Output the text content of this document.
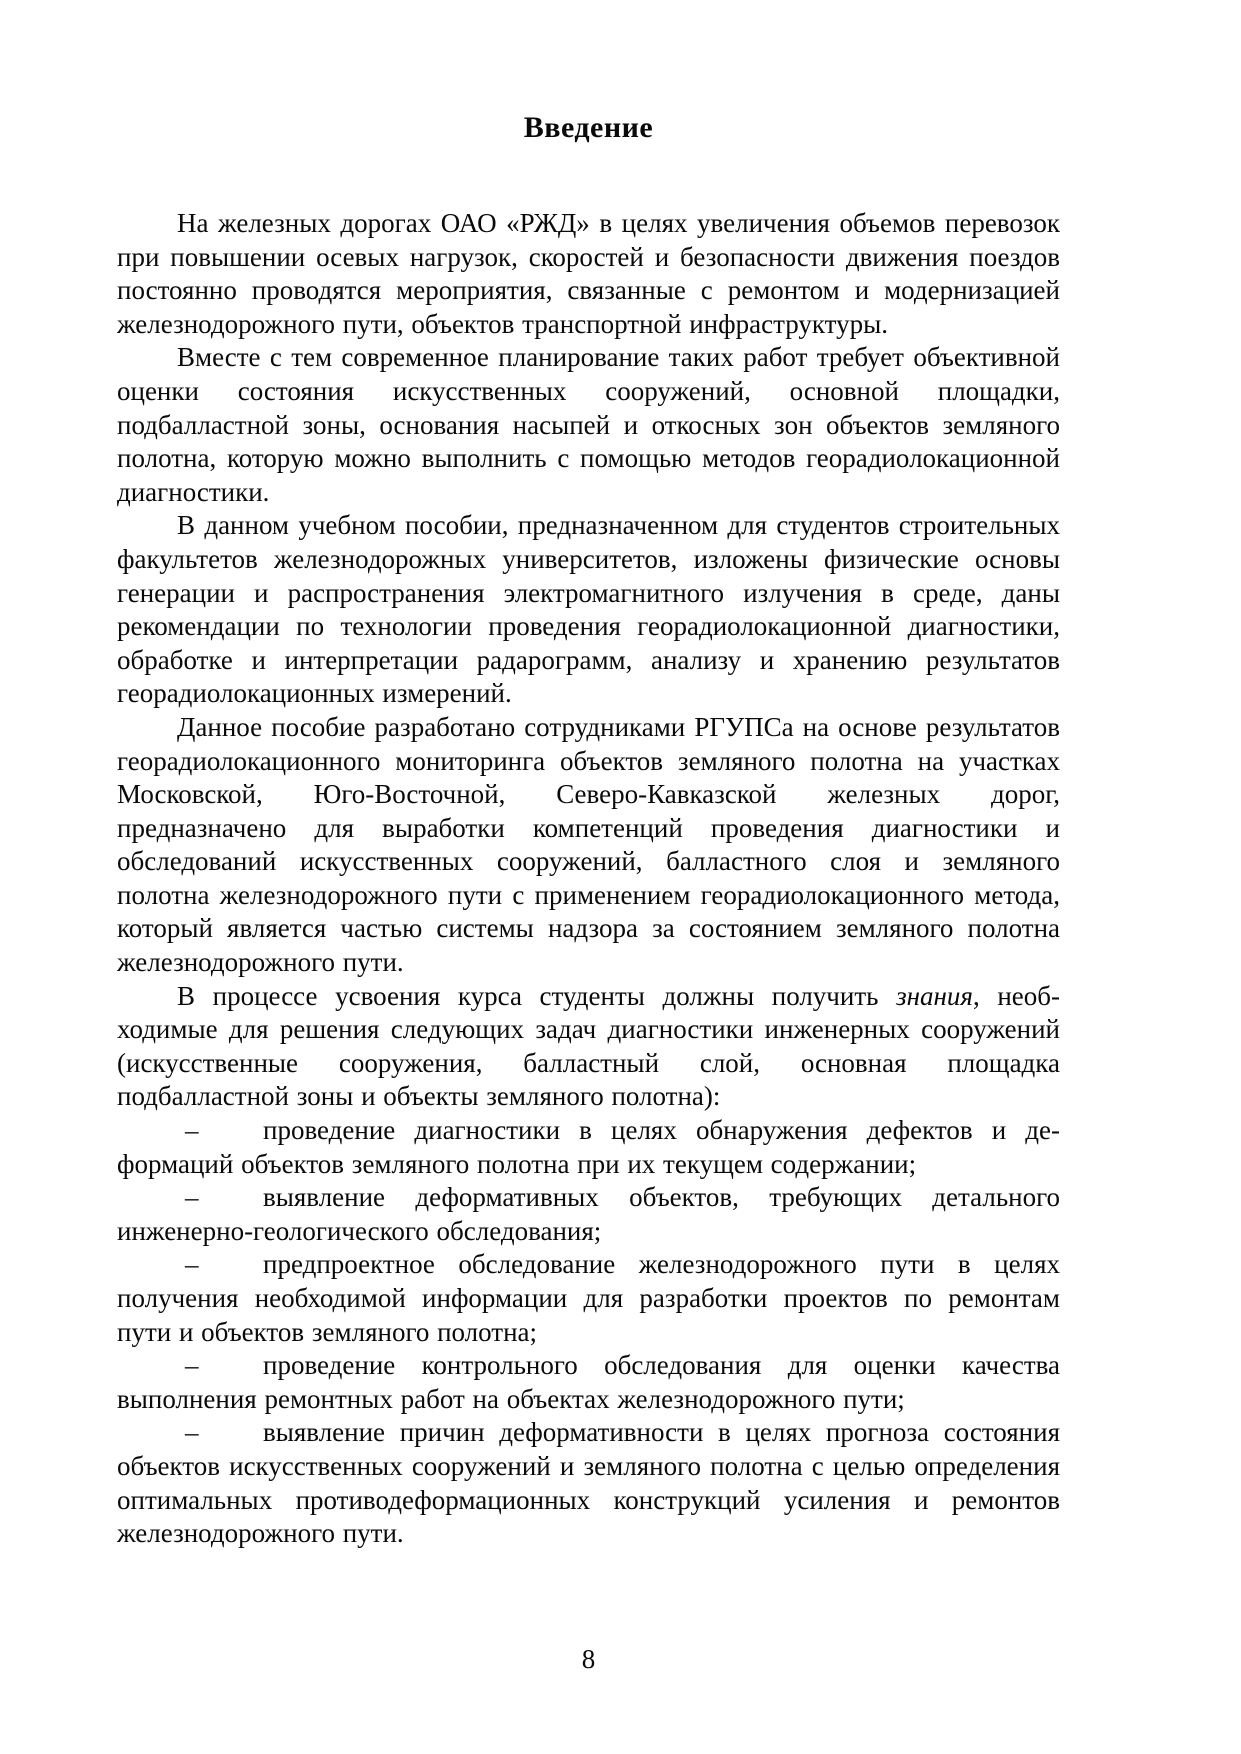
Введение

На железных дорогах ОАО «РЖД» в целях увеличения объемов перевозок при повышении осевых нагрузок, скоростей и безопасности движения поездов постоянно проводятся мероприятия, связанные с ремонтом и модернизацией железнодорожного пути, объектов транспортной инфраструктуры.

Вместе с тем современное планирование таких работ требует объективной оценки состояния искусственных сооружений, основной площадки, подбалластной зоны, основания насыпей и откосных зон объектов земляного полотна, которую можно выполнить с помощью методов георадиолокационной диагностики.

В данном учебном пособии, предназначенном для студентов строительных факультетов железнодорожных университетов, изложены физические основы генерации и распространения электромагнитного излучения в среде, даны рекомендации по технологии проведения георадиолокационной диагностики, обработке и интерпретации радарограмм, анализу и хранению результатов георадиолокационных измерений.

Данное пособие разработано сотрудниками РГУПСа на основе результатов георадиолокационного мониторинга объектов земляного полотна на участках Московской, Юго-Восточной, Северо-Кавказской железных дорог, предназначено для выработки компетенций проведения диагностики и обследований искусственных сооружений, балластного слоя и земляного полотна железнодорожного пути с применением георадиолокационного метода, который является частью системы надзора за состоянием земляного полотна железнодорожного пути.

В процессе усвоения курса студенты должны получить знания, необходимые для решения следующих задач диагностики инженерных сооружений (искусственные сооружения, балластный слой, основная площадка подбалластной зоны и объекты земляного полотна):

– проведение диагностики в целях обнаружения дефектов и деформаций объектов земляного полотна при их текущем содержании;

– выявление деформативных объектов, требующих детального инженерно-геологического обследования;

– предпроектное обследование железнодорожного пути в целях получения необходимой информации для разработки проектов по ремонтам пути и объектов земляного полотна;

– проведение контрольного обследования для оценки качества выполнения ремонтных работ на объектах железнодорожного пути;

– выявление причин деформативности в целях прогноза состояния объектов искусственных сооружений и земляного полотна с целью определения оптимальных противодеформационных конструкций усиления и ремонтов железнодорожного пути.

8
